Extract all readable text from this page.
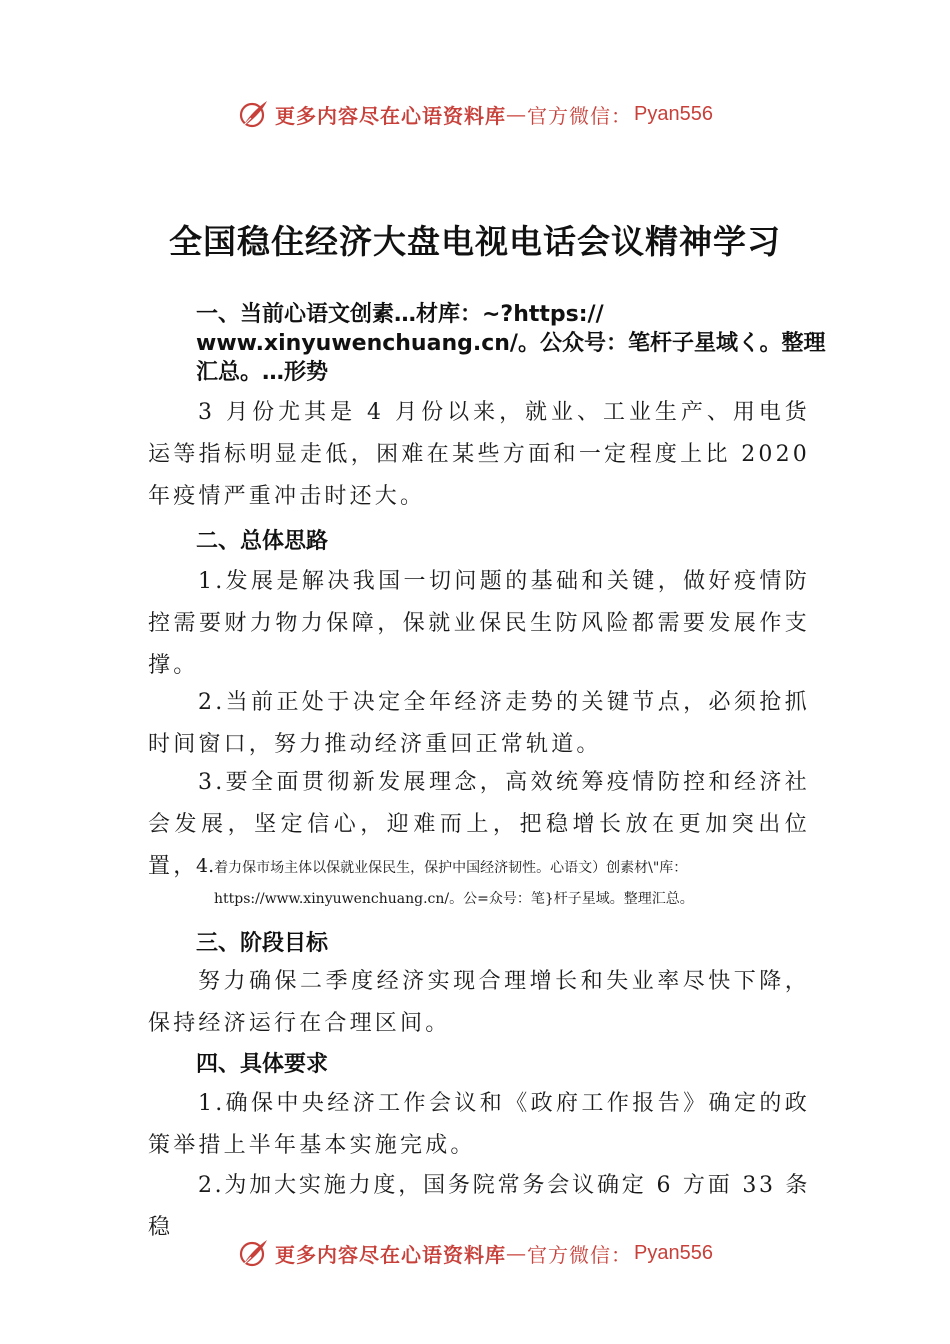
更多内容尽在心语资料库 — 官方微信： Pyan556
全国稳住经济大盘电视电话会议精神学习
一、当前心语文创素…材库：~?https:// www.xinyuwenchuang.cn/。公众号：笔杆子星域く。整理汇总。…形势
3 月份尤其是 4 月份以来，就业、工业生产、用电货运等指标明显走低，困难在某些方面和一定程度上比 2020 年疫情严重冲击时还大。
二、总体思路
1.发展是解决我国一切问题的基础和关键，做好疫情防控需要财力物力保障，保就业保民生防风险都需要发展作支撑。
2.当前正处于决定全年经济走势的关键节点，必须抢抓时间窗口，努力推动经济重回正常轨道。
3.要全面贯彻新发展理念，高效统筹疫情防控和经济社会发展，坚定信心，迎难而上，把稳增长放在更加突出位置，
4.着力保市场主体以保就业保民生，保护中国经济韧性。心语文）创素材\"库：
https://www.xinyuwenchuang.cn/。公=众号：笔}杆子星域。整理汇总。
三、阶段目标
努力确保二季度经济实现合理增长和失业率尽快下降，保持经济运行在合理区间。
四、具体要求
1.确保中央经济工作会议和《政府工作报告》确定的政策举措上半年基本实施完成。
2.为加大实施力度，国务院常务会议确定 6 方面 33 条稳
更多内容尽在心语资料库 — 官方微信： Pyan556
